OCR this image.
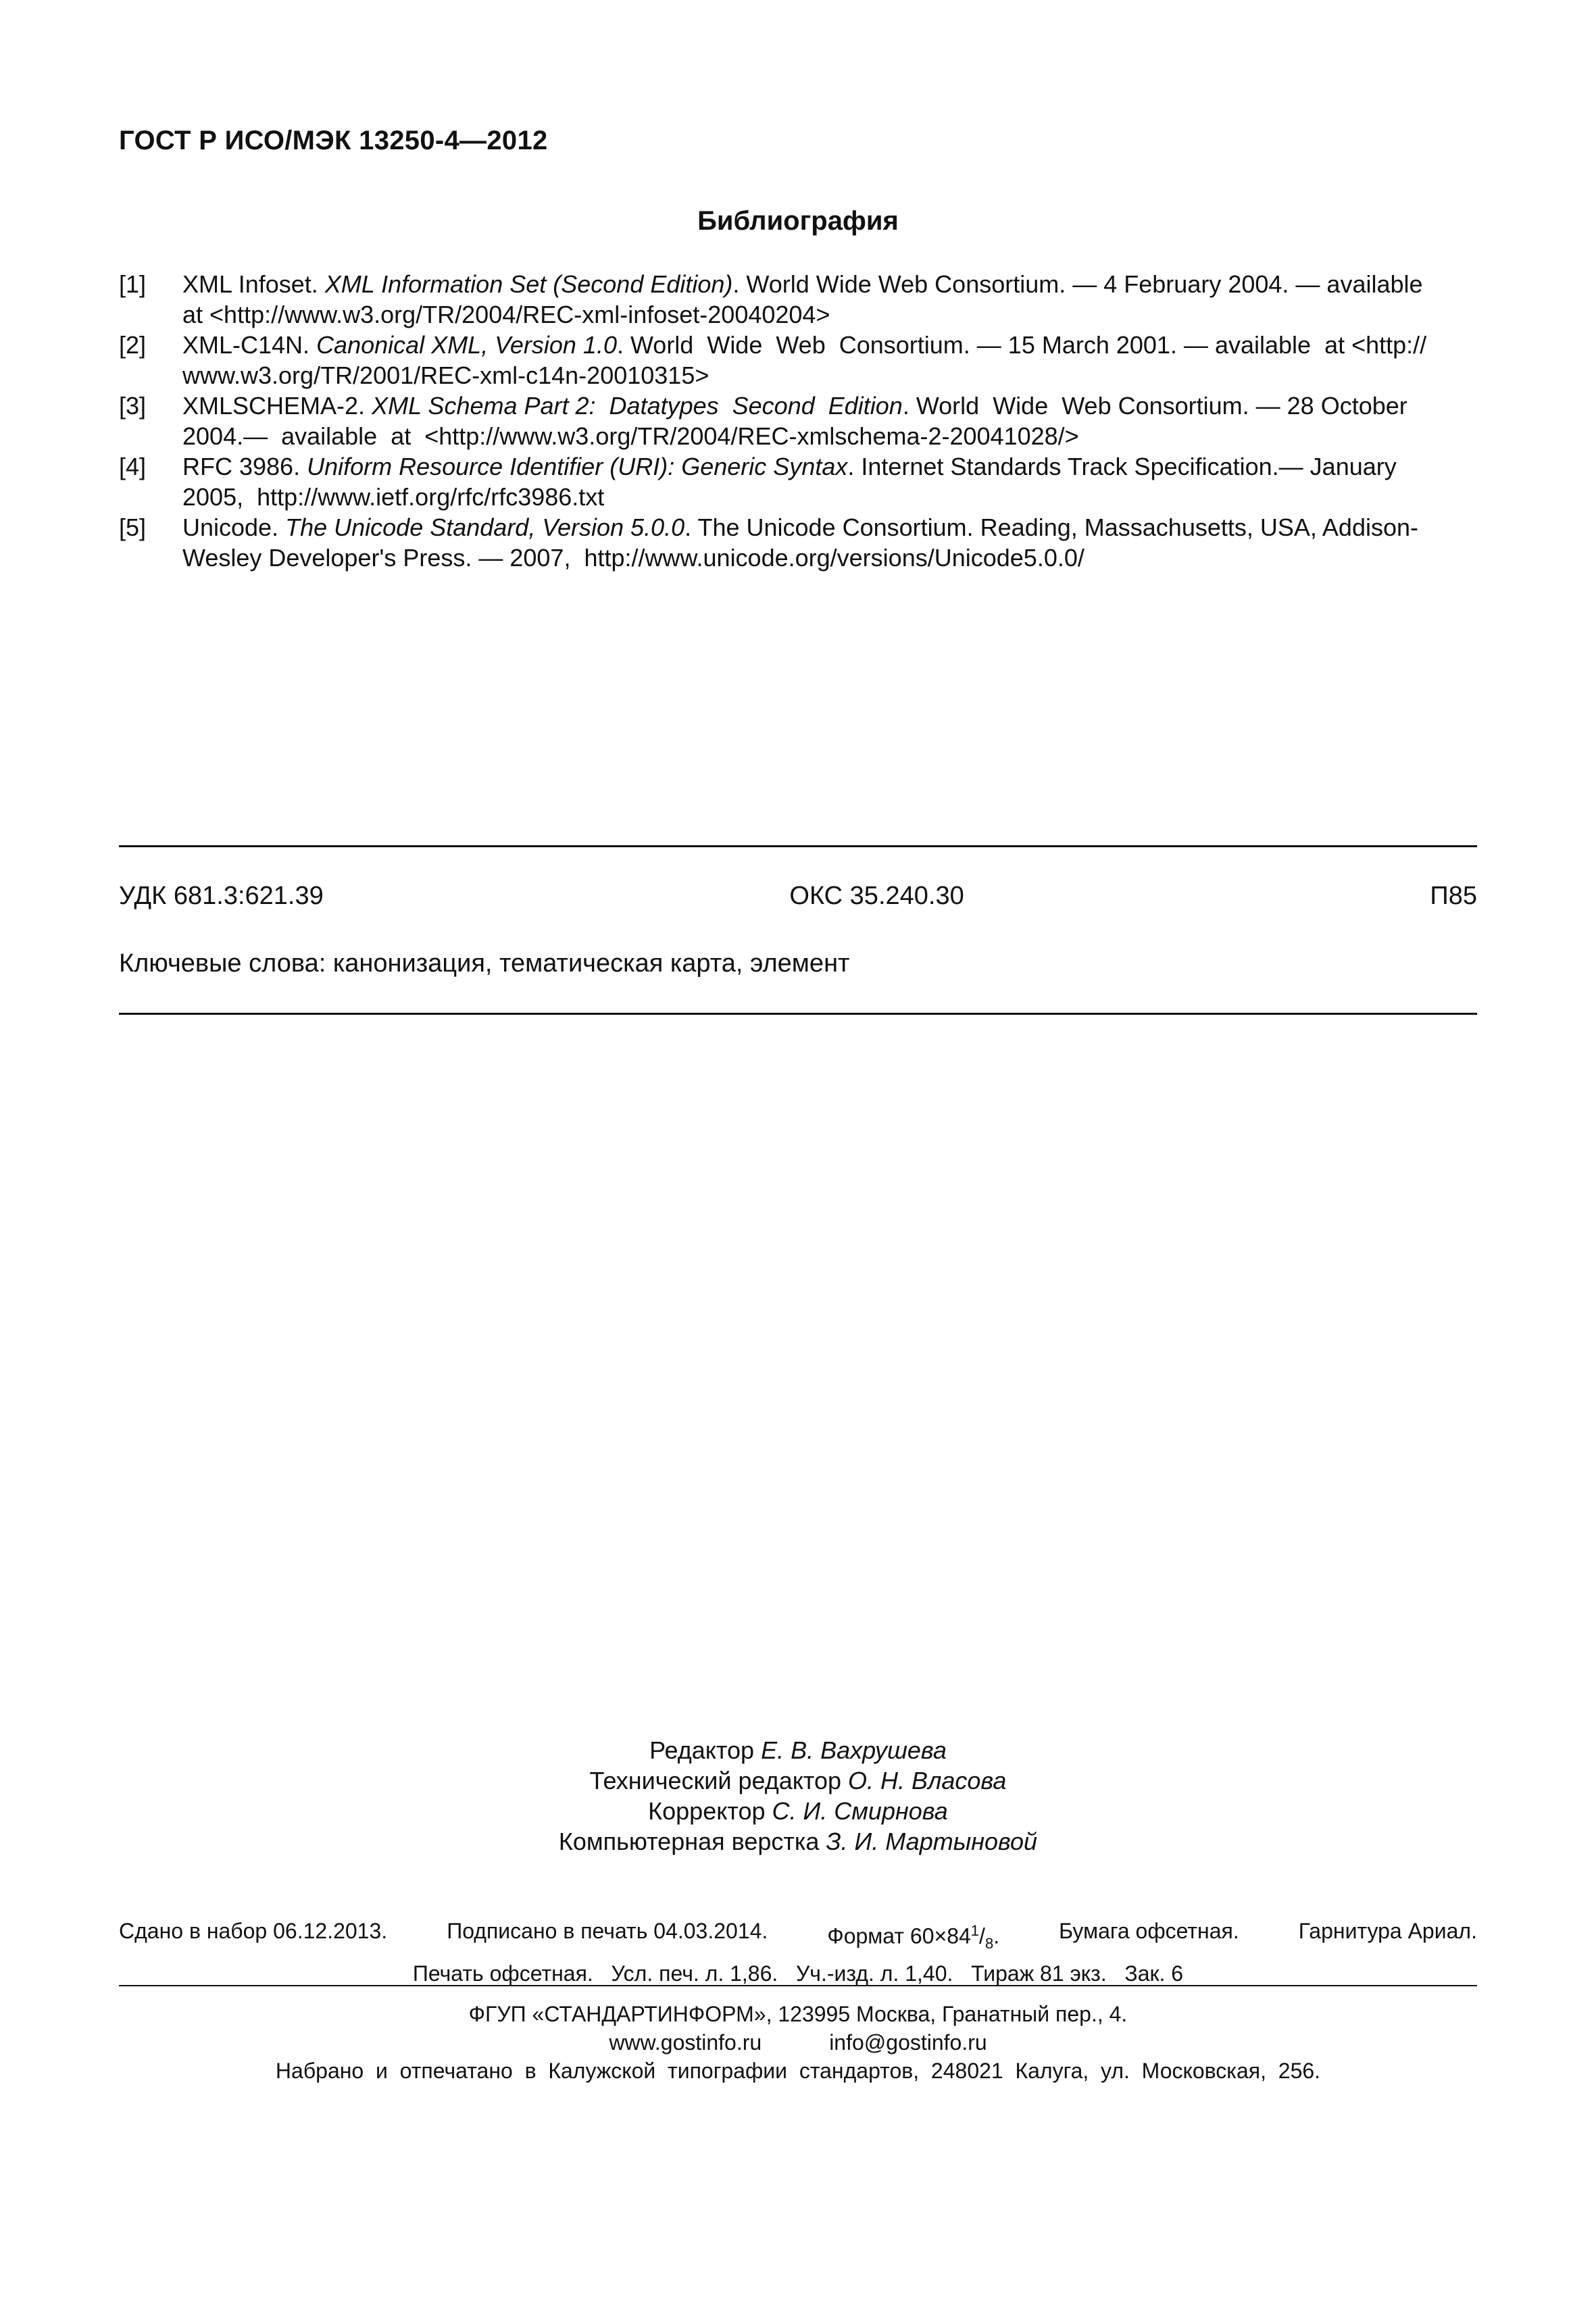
ГОСТ Р ИСО/МЭК 13250-4—2012
Библиография
[1] XML Infoset. XML Information Set (Second Edition). World Wide Web Consortium. — 4 February 2004. — available
at <http://www.w3.org/TR/2004/REC-xml-infoset-20040204>
[2] XML-C14N. Canonical XML, Version 1.0. World  Wide  Web  Consortium. — 15 March 2001. — available  at <http://
www.w3.org/TR/2001/REC-xml-c14n-20010315>
[3] XMLSCHEMA-2. XML Schema Part 2:  Datatypes  Second  Edition. World  Wide  Web Consortium. — 28 October
2004.—  available  at  <http://www.w3.org/TR/2004/REC-xmlschema-2-20041028/>
[4] RFC 3986. Uniform Resource Identifier (URI): Generic Syntax. Internet Standards Track Specification.— January
2005,  http://www.ietf.org/rfc/rfc3986.txt
[5] Unicode. The Unicode Standard, Version 5.0.0. The Unicode Consortium. Reading, Massachusetts, USA, Addison-
Wesley Developer's Press. — 2007,  http://www.unicode.org/versions/Unicode5.0.0/
УДК 681.3:621.39	ОКС 35.240.30	П85
Ключевые слова: канонизация, тематическая карта, элемент
Редактор Е. В. Вахрушева
Технический редактор О. Н. Власова
Корректор С. И. Смирнова
Компьютерная верстка З. И. Мартыновой
Сдано в набор 06.12.2013.	Подписано в печать 04.03.2014.	Формат $60\times 84^1/_8$.	Бумага офсетная.	Гарнитура Ариал.
Печать офсетная.   Усл. печ. л. 1,86.   Уч.-изд. л. 1,40.   Тираж 81 экз.   Зак. 6
ФГУП «СТАНДАРТИНФОРМ», 123995 Москва, Гранатный пер., 4.
www.gostinfo.ru	info@gostinfo.ru
Набрано  и  отпечатано  в  Калужской  типографии  стандартов,  248021  Калуга,  ул.  Московская,  256.
